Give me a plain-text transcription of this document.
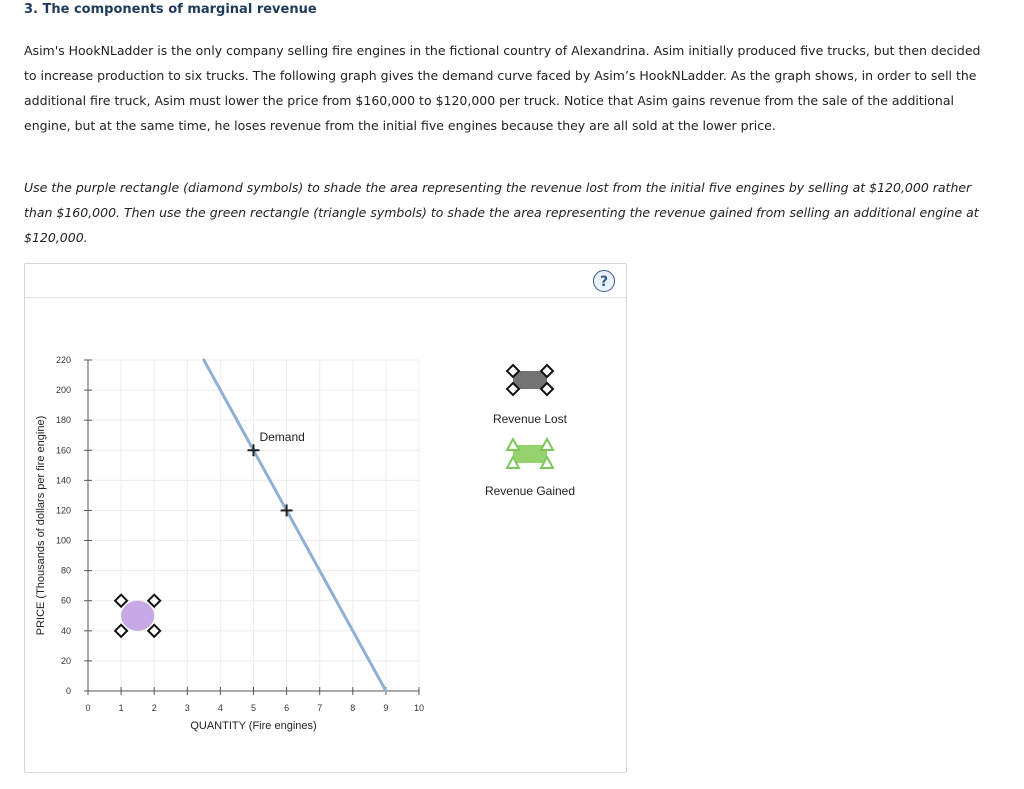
3. The components of marginal revenue

Asim's HookNLadder is the only company selling fire engines in the fictional country of Alexandrina. Asim initially produced five trucks, but then decided to increase production to six trucks. The following graph gives the demand curve faced by Asim’s HookNLadder. As the graph shows, in order to sell the additional fire truck, Asim must lower the price from $160,000 to $120,000 per truck. Notice that Asim gains revenue from the sale of the additional engine, but at the same time, he loses revenue from the initial five engines because they are all sold at the lower price.

Use the purple rectangle (diamond symbols) to shade the area representing the revenue lost from the initial five engines by selling at $120,000 rather than $160,000. Then use the green rectangle (triangle symbols) to shade the area representing the revenue gained from selling an additional engine at $120,000.

?
0
20
40
60
80
100
120
140
160
180
200
220
0	1	2	3	4	5	6	7	8	9	10
QUANTITY (Fire engines)
PRICE (Thousands of dollars per fire engine)	Demand
Revenue Lost
Revenue Gained
